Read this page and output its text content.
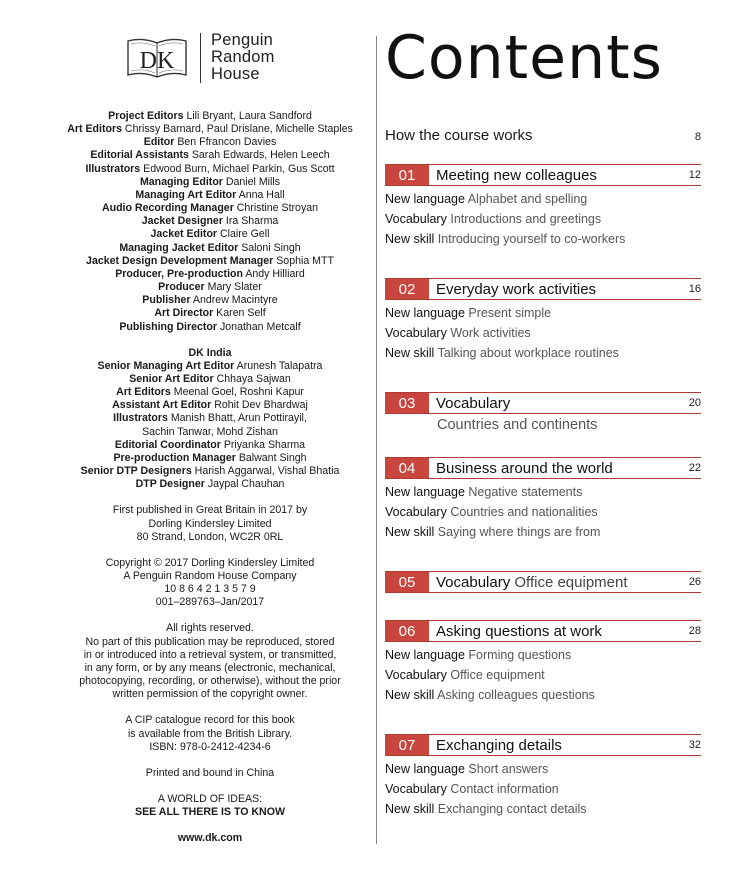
DK
Penguin
Random
House
Project Editors Lili Bryant, Laura Sandford
Art Editors Chrissy Barnard, Paul Drislane, Michelle Staples
Editor Ben Ffrancon Davies
Editorial Assistants Sarah Edwards, Helen Leech
Illustrators Edwood Burn, Michael Parkin, Gus Scott
Managing Editor Daniel Mills
Managing Art Editor Anna Hall
Audio Recording Manager Christine Stroyan
Jacket Designer Ira Sharma
Jacket Editor Claire Gell
Managing Jacket Editor Saloni Singh
Jacket Design Development Manager Sophia MTT
Producer, Pre-production Andy Hilliard
Producer Mary Slater
Publisher Andrew Macintyre
Art Director Karen Self
Publishing Director Jonathan Metcalf
DK India
Senior Managing Art Editor Arunesh Talapatra
Senior Art Editor Chhaya Sajwan
Art Editors Meenal Goel, Roshni Kapur
Assistant Art Editor Rohit Dev Bhardwaj
Illustrators Manish Bhatt, Arun Pottirayil,
Sachin Tanwar, Mohd Zishan
Editorial Coordinator Priyanka Sharma
Pre-production Manager Balwant Singh
Senior DTP Designers Harish Aggarwal, Vishal Bhatia
DTP Designer Jaypal Chauhan
First published in Great Britain in 2017 by
Dorling Kindersley Limited
80 Strand, London, WC2R 0RL
Copyright © 2017 Dorling Kindersley Limited
A Penguin Random House Company
10 8 6 4 2 1 3 5 7 9
001–289763–Jan/2017
All rights reserved.
No part of this publication may be reproduced, stored
in or introduced into a retrieval system, or transmitted,
in any form, or by any means (electronic, mechanical,
photocopying, recording, or otherwise), without the prior
written permission of the copyright owner.
A CIP catalogue record for this book
is available from the British Library.
ISBN: 978-0-2412-4234-6
Printed and bound in China
A WORLD OF IDEAS:
SEE ALL THERE IS TO KNOW
www.dk.com
Contents
How the course works	8
01	Meeting new colleagues	12
New language Alphabet and spelling
Vocabulary Introductions and greetings
New skill Introducing yourself to co-workers
02	Everyday work activities	16
New language Present simple
Vocabulary Work activities
New skill Talking about workplace routines
03	Vocabulary	20
Countries and continents
04	Business around the world	22
New language Negative statements
Vocabulary Countries and nationalities
New skill Saying where things are from
05	Vocabulary Office equipment	26
06	Asking questions at work	28
New language Forming questions
Vocabulary Office equipment
New skill Asking colleagues questions
07	Exchanging details	32
New language Short answers
Vocabulary Contact information
New skill Exchanging contact details
